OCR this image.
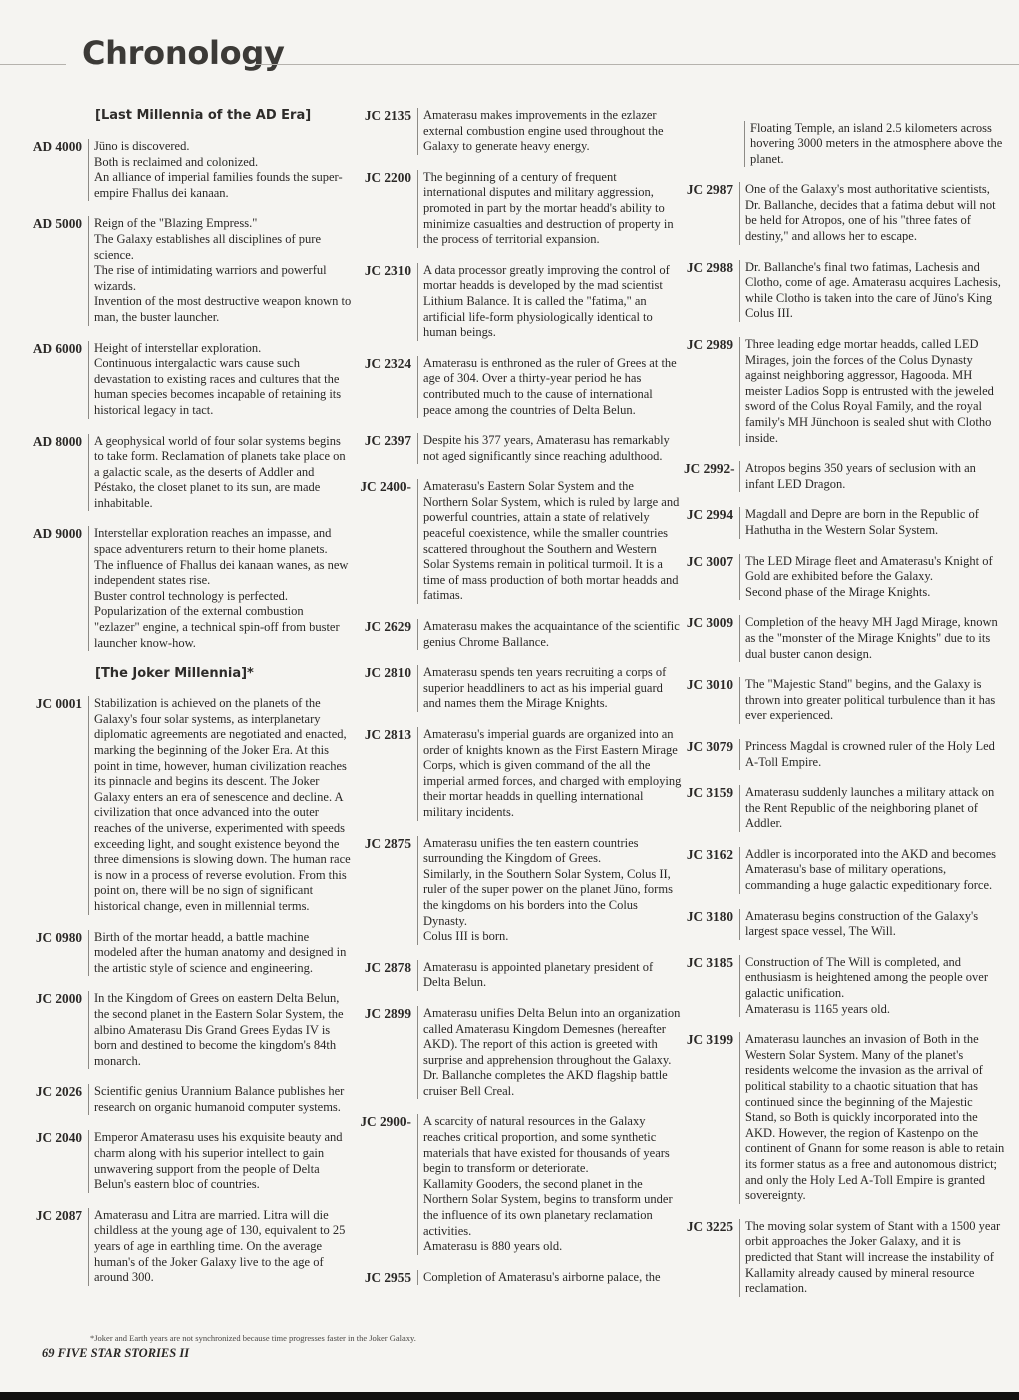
Chronology
[Last Millennia of the AD Era]
AD 4000 Jüno is discovered.

Both is reclaimed and colonized.

An alliance of imperial families founds the super-empire Fhallus dei kanaan.

AD 5000 Reign of the "Blazing Empress."

The Galaxy establishes all disciplines of pure science.

The rise of intimidating warriors and powerful wizards.

Invention of the most destructive weapon known to man, the buster launcher.

AD 6000 Height of interstellar exploration.

Continuous intergalactic wars cause such devastation to existing races and cultures that the human species becomes incapable of retaining its historical legacy in tact.

AD 8000 A geophysical world of four solar systems begins to take form. Reclamation of planets take place on a galactic scale, as the deserts of Addler and Péstako, the closet planet to its sun, are made inhabitable.

AD 9000 Interstellar exploration reaches an impasse, and space adventurers return to their home planets.

The influence of Fhallus dei kanaan wanes, as new independent states rise.

Buster control technology is perfected.

Popularization of the external combustion "ezlazer" engine, a technical spin-off from buster launcher know-how.

[The Joker Millennia]*
JC 0001 Stabilization is achieved on the planets of the Galaxy's four solar systems, as interplanetary diplomatic agreements are negotiated and enacted, marking the beginning of the Joker Era. At this point in time, however, human civilization reaches its pinnacle and begins its descent. The Joker Galaxy enters an era of senescence and decline. A civilization that once advanced into the outer reaches of the universe, experimented with speeds exceeding light, and sought existence beyond the three dimensions is slowing down. The human race is now in a process of reverse evolution. From this point on, there will be no sign of significant historical change, even in millennial terms.

JC 0980 Birth of the mortar headd, a battle machine modeled after the human anatomy and designed in the artistic style of science and engineering.

JC 2000 In the Kingdom of Grees on eastern Delta Belun, the second planet in the Eastern Solar System, the albino Amaterasu Dis Grand Grees Eydas IV is born and destined to become the kingdom's 84th monarch.

JC 2026 Scientific genius Urannium Balance publishes her research on organic humanoid computer systems.

JC 2040 Emperor Amaterasu uses his exquisite beauty and charm along with his superior intellect to gain unwavering support from the people of Delta Belun's eastern bloc of countries.

JC 2087 Amaterasu and Litra are married. Litra will die childless at the young age of 130, equivalent to 25 years of age in earthling time. On the average human's of the Joker Galaxy live to the age of around 300.

JC 2135 Amaterasu makes improvements in the ezlazer external combustion engine used throughout the Galaxy to generate heavy energy.

JC 2200 The beginning of a century of frequent international disputes and military aggression, promoted in part by the mortar headd's ability to minimize casualties and destruction of property in the process of territorial expansion.

JC 2310 A data processor greatly improving the control of mortar headds is developed by the mad scientist Lithium Balance. It is called the "fatima," an artificial life-form physiologically identical to human beings.

JC 2324 Amaterasu is enthroned as the ruler of Grees at the age of 304. Over a thirty-year period he has contributed much to the cause of international peace among the countries of Delta Belun.

JC 2397 Despite his 377 years, Amaterasu has remarkably not aged significantly since reaching adulthood.

JC 2400- Amaterasu's Eastern Solar System and the Northern Solar System, which is ruled by large and powerful countries, attain a state of relatively peaceful coexistence, while the smaller countries scattered throughout the Southern and Western Solar Systems remain in political turmoil. It is a time of mass production of both mortar headds and fatimas.

JC 2629 Amaterasu makes the acquaintance of the scientific genius Chrome Ballance.

JC 2810 Amaterasu spends ten years recruiting a corps of superior headdliners to act as his imperial guard and names them the Mirage Knights.

JC 2813 Amaterasu's imperial guards are organized into an order of knights known as the First Eastern Mirage Corps, which is given command of the all the imperial armed forces, and charged with employing their mortar headds in quelling international military incidents.

JC 2875 Amaterasu unifies the ten eastern countries surrounding the Kingdom of Grees.

Similarly, in the Southern Solar System, Colus II, ruler of the super power on the planet Jüno, forms the kingdoms on his borders into the Colus Dynasty.

Colus III is born.

JC 2878 Amaterasu is appointed planetary president of Delta Belun.

JC 2899 Amaterasu unifies Delta Belun into an organization called Amaterasu Kingdom Demesnes (hereafter AKD). The report of this action is greeted with surprise and apprehension throughout the Galaxy.

Dr. Ballanche completes the AKD flagship battle cruiser Bell Creal.

JC 2900- A scarcity of natural resources in the Galaxy reaches critical proportion, and some synthetic materials that have existed for thousands of years begin to transform or deteriorate.

Kallamity Gooders, the second planet in the Northern Solar System, begins to transform under the influence of its own planetary reclamation activities.

Amaterasu is 880 years old.

JC 2955 Completion of Amaterasu's airborne palace, the

Floating Temple, an island 2.5 kilometers across hovering 3000 meters in the atmosphere above the planet.

JC 2987 One of the Galaxy's most authoritative scientists, Dr. Ballanche, decides that a fatima debut will not be held for Atropos, one of his "three fates of destiny," and allows her to escape.

JC 2988 Dr. Ballanche's final two fatimas, Lachesis and Clotho, come of age. Amaterasu acquires Lachesis, while Clotho is taken into the care of Jüno's King Colus III.

JC 2989 Three leading edge mortar headds, called LED Mirages, join the forces of the Colus Dynasty against neighboring aggressor, Hagooda. MH meister Ladios Sopp is entrusted with the jeweled sword of the Colus Royal Family, and the royal family's MH Jünchoon is sealed shut with Clotho inside.

JC 2992- Atropos begins 350 years of seclusion with an infant LED Dragon.

JC 2994 Magdall and Depre are born in the Republic of Hathutha in the Western Solar System.

JC 3007 The LED Mirage fleet and Amaterasu's Knight of Gold are exhibited before the Galaxy.

Second phase of the Mirage Knights.

JC 3009 Completion of the heavy MH Jagd Mirage, known as the "monster of the Mirage Knights" due to its dual buster canon design.

JC 3010 The "Majestic Stand" begins, and the Galaxy is thrown into greater political turbulence than it has ever experienced.

JC 3079 Princess Magdal is crowned ruler of the Holy Led A-Toll Empire.

JC 3159 Amaterasu suddenly launches a military attack on the Rent Republic of the neighboring planet of Addler.

JC 3162 Addler is incorporated into the AKD and becomes Amaterasu's base of military operations, commanding a huge galactic expeditionary force.

JC 3180 Amaterasu begins construction of the Galaxy's largest space vessel, The Will.

JC 3185 Construction of The Will is completed, and enthusiasm is heightened among the people over galactic unification.

Amaterasu is 1165 years old.

JC 3199 Amaterasu launches an invasion of Both in the Western Solar System. Many of the planet's residents welcome the invasion as the arrival of political stability to a chaotic situation that has continued since the beginning of the Majestic Stand, so Both is quickly incorporated into the AKD. However, the region of Kastenpo on the continent of Gnann for some reason is able to retain its former status as a free and autonomous district; and only the Holy Led A-Toll Empire is granted sovereignty.

JC 3225 The moving solar system of Stant with a 1500 year orbit approaches the Joker Galaxy, and it is predicted that Stant will increase the instability of Kallamity already caused by mineral resource reclamation.

*Joker and Earth years are not synchronized because time progresses faster in the Joker Galaxy.
69 FIVE STAR STORIES II
